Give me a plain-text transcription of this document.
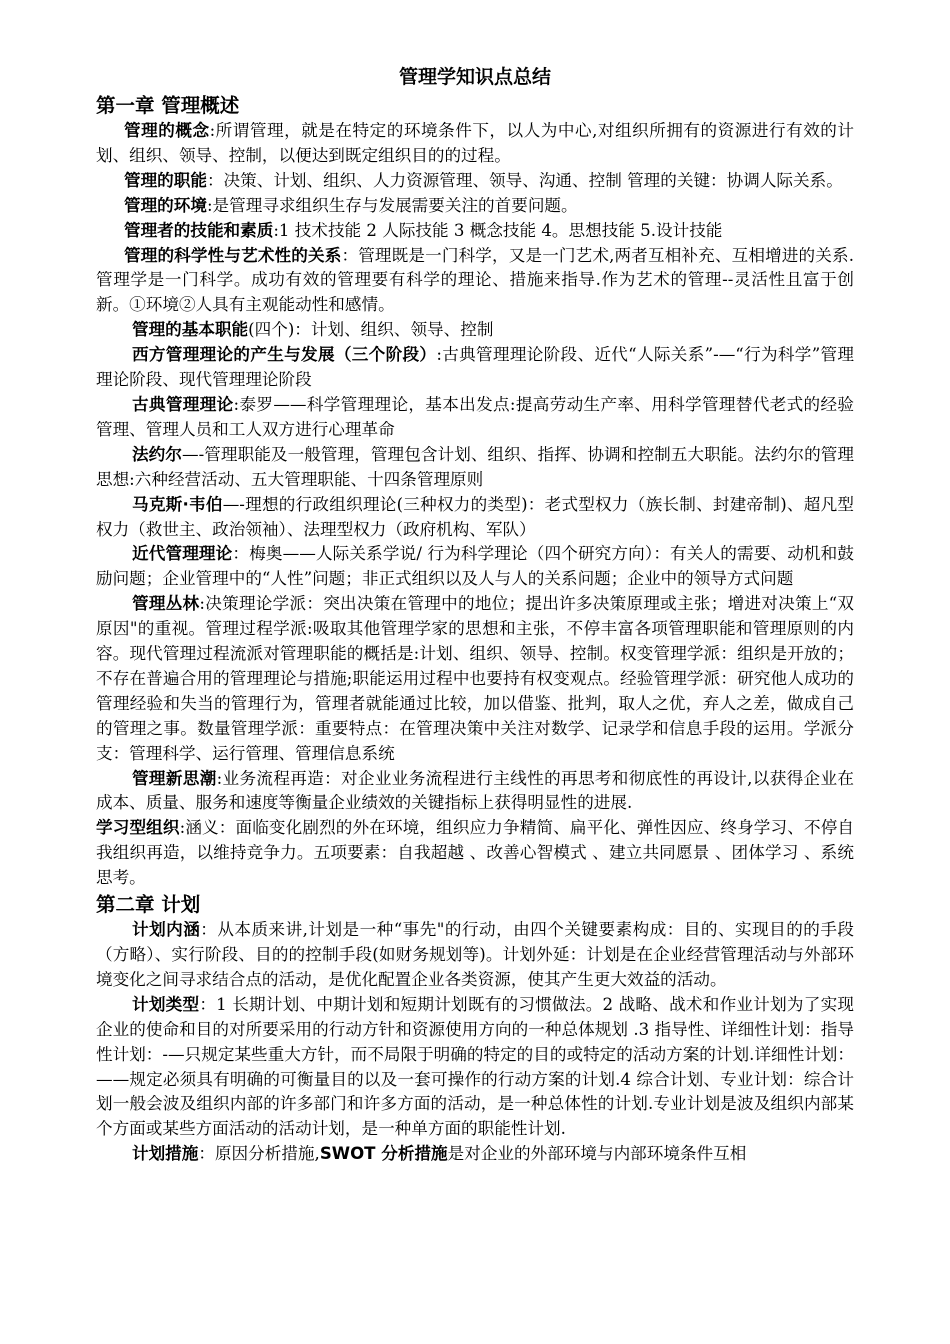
管理学知识点总结
第一章 管理概述

管理的概念:所谓管理，就是在特定的环境条件下，以人为中心,对组织所拥有的资源进行有效的计划、组织、领导、控制，以便达到既定组织目的的过程。

管理的职能：决策、计划、组织、人力资源管理、领导、沟通、控制 管理的关键：协调人际关系。

管理的环境:是管理寻求组织生存与发展需要关注的首要问题。

管理者的技能和素质:1 技术技能 2 人际技能 3 概念技能 4。思想技能 5.设计技能

管理的科学性与艺术性的关系：管理既是一门科学，又是一门艺术,两者互相补充、互相增进的关系.管理学是一门科学。成功有效的管理要有科学的理论、措施来指导.作为艺术的管理--灵活性且富于创新。①环境②人具有主观能动性和感情。

管理的基本职能(四个)：计划、组织、领导、控制

西方管理理论的产生与发展（三个阶段）:古典管理理论阶段、近代“人际关系”-—“行为科学”管理理论阶段、现代管理理论阶段

古典管理理论:泰罗——科学管理理论，基本出发点:提高劳动生产率、用科学管理替代老式的经验管理、管理人员和工人双方进行心理革命

法约尔—-管理职能及一般管理，管理包含计划、组织、指挥、协调和控制五大职能。法约尔的管理思想:六种经营活动、五大管理职能、十四条管理原则

马克斯·韦伯—-理想的行政组织理论(三种权力的类型)：老式型权力（族长制、封建帝制)、超凡型权力（救世主、政治领袖）、法理型权力（政府机构、军队）

近代管理理论：梅奥——人际关系学说/ 行为科学理论（四个研究方向）：有关人的需要、动机和鼓励问题；企业管理中的“人性”问题；非正式组织以及人与人的关系问题；企业中的领导方式问题

管理丛林:决策理论学派：突出决策在管理中的地位；提出许多决策原理或主张；增进对决策上“双原因"的重视。管理过程学派:吸取其他管理学家的思想和主张，不停丰富各项管理职能和管理原则的内容。现代管理过程流派对管理职能的概括是:计划、组织、领导、控制。权变管理学派：组织是开放的；不存在普遍合用的管理理论与措施;职能运用过程中也要持有权变观点。经验管理学派：研究他人成功的管理经验和失当的管理行为，管理者就能通过比较，加以借鉴、批判，取人之优，弃人之差，做成自己的管理之事。数量管理学派：重要特点：在管理决策中关注对数学、记录学和信息手段的运用。学派分支：管理科学、运行管理、管理信息系统

管理新思潮:业务流程再造：对企业业务流程进行主线性的再思考和彻底性的再设计,以获得企业在成本、质量、服务和速度等衡量企业绩效的关键指标上获得明显性的进展.

学习型组织:涵义：面临变化剧烈的外在环境，组织应力争精简、扁平化、弹性因应、终身学习、不停自我组织再造，以维持竞争力。五项要素：自我超越 、改善心智模式 、建立共同愿景 、团体学习 、系统思考。

第二章 计划

计划内涵：从本质来讲,计划是一种“事先"的行动，由四个关键要素构成：目的、实现目的的手段（方略）、实行阶段、目的的控制手段(如财务规划等)。计划外延：计划是在企业经营管理活动与外部环境变化之间寻求结合点的活动，是优化配置企业各类资源，使其产生更大效益的活动。

计划类型：1 长期计划、中期计划和短期计划既有的习惯做法。2 战略、战术和作业计划为了实现企业的使命和目的对所要采用的行动方针和资源使用方向的一种总体规划 .3 指导性、详细性计划：指导性计划：-—只规定某些重大方针，而不局限于明确的特定的目的或特定的活动方案的计划.详细性计划：——规定必须具有明确的可衡量目的以及一套可操作的行动方案的计划.4 综合计划、专业计划：综合计划一般会波及组织内部的许多部门和许多方面的活动，是一种总体性的计划.专业计划是波及组织内部某个方面或某些方面活动的活动计划，是一种单方面的职能性计划.

计划措施：原因分析措施,SWOT 分析措施是对企业的外部环境与内部环境条件互相
